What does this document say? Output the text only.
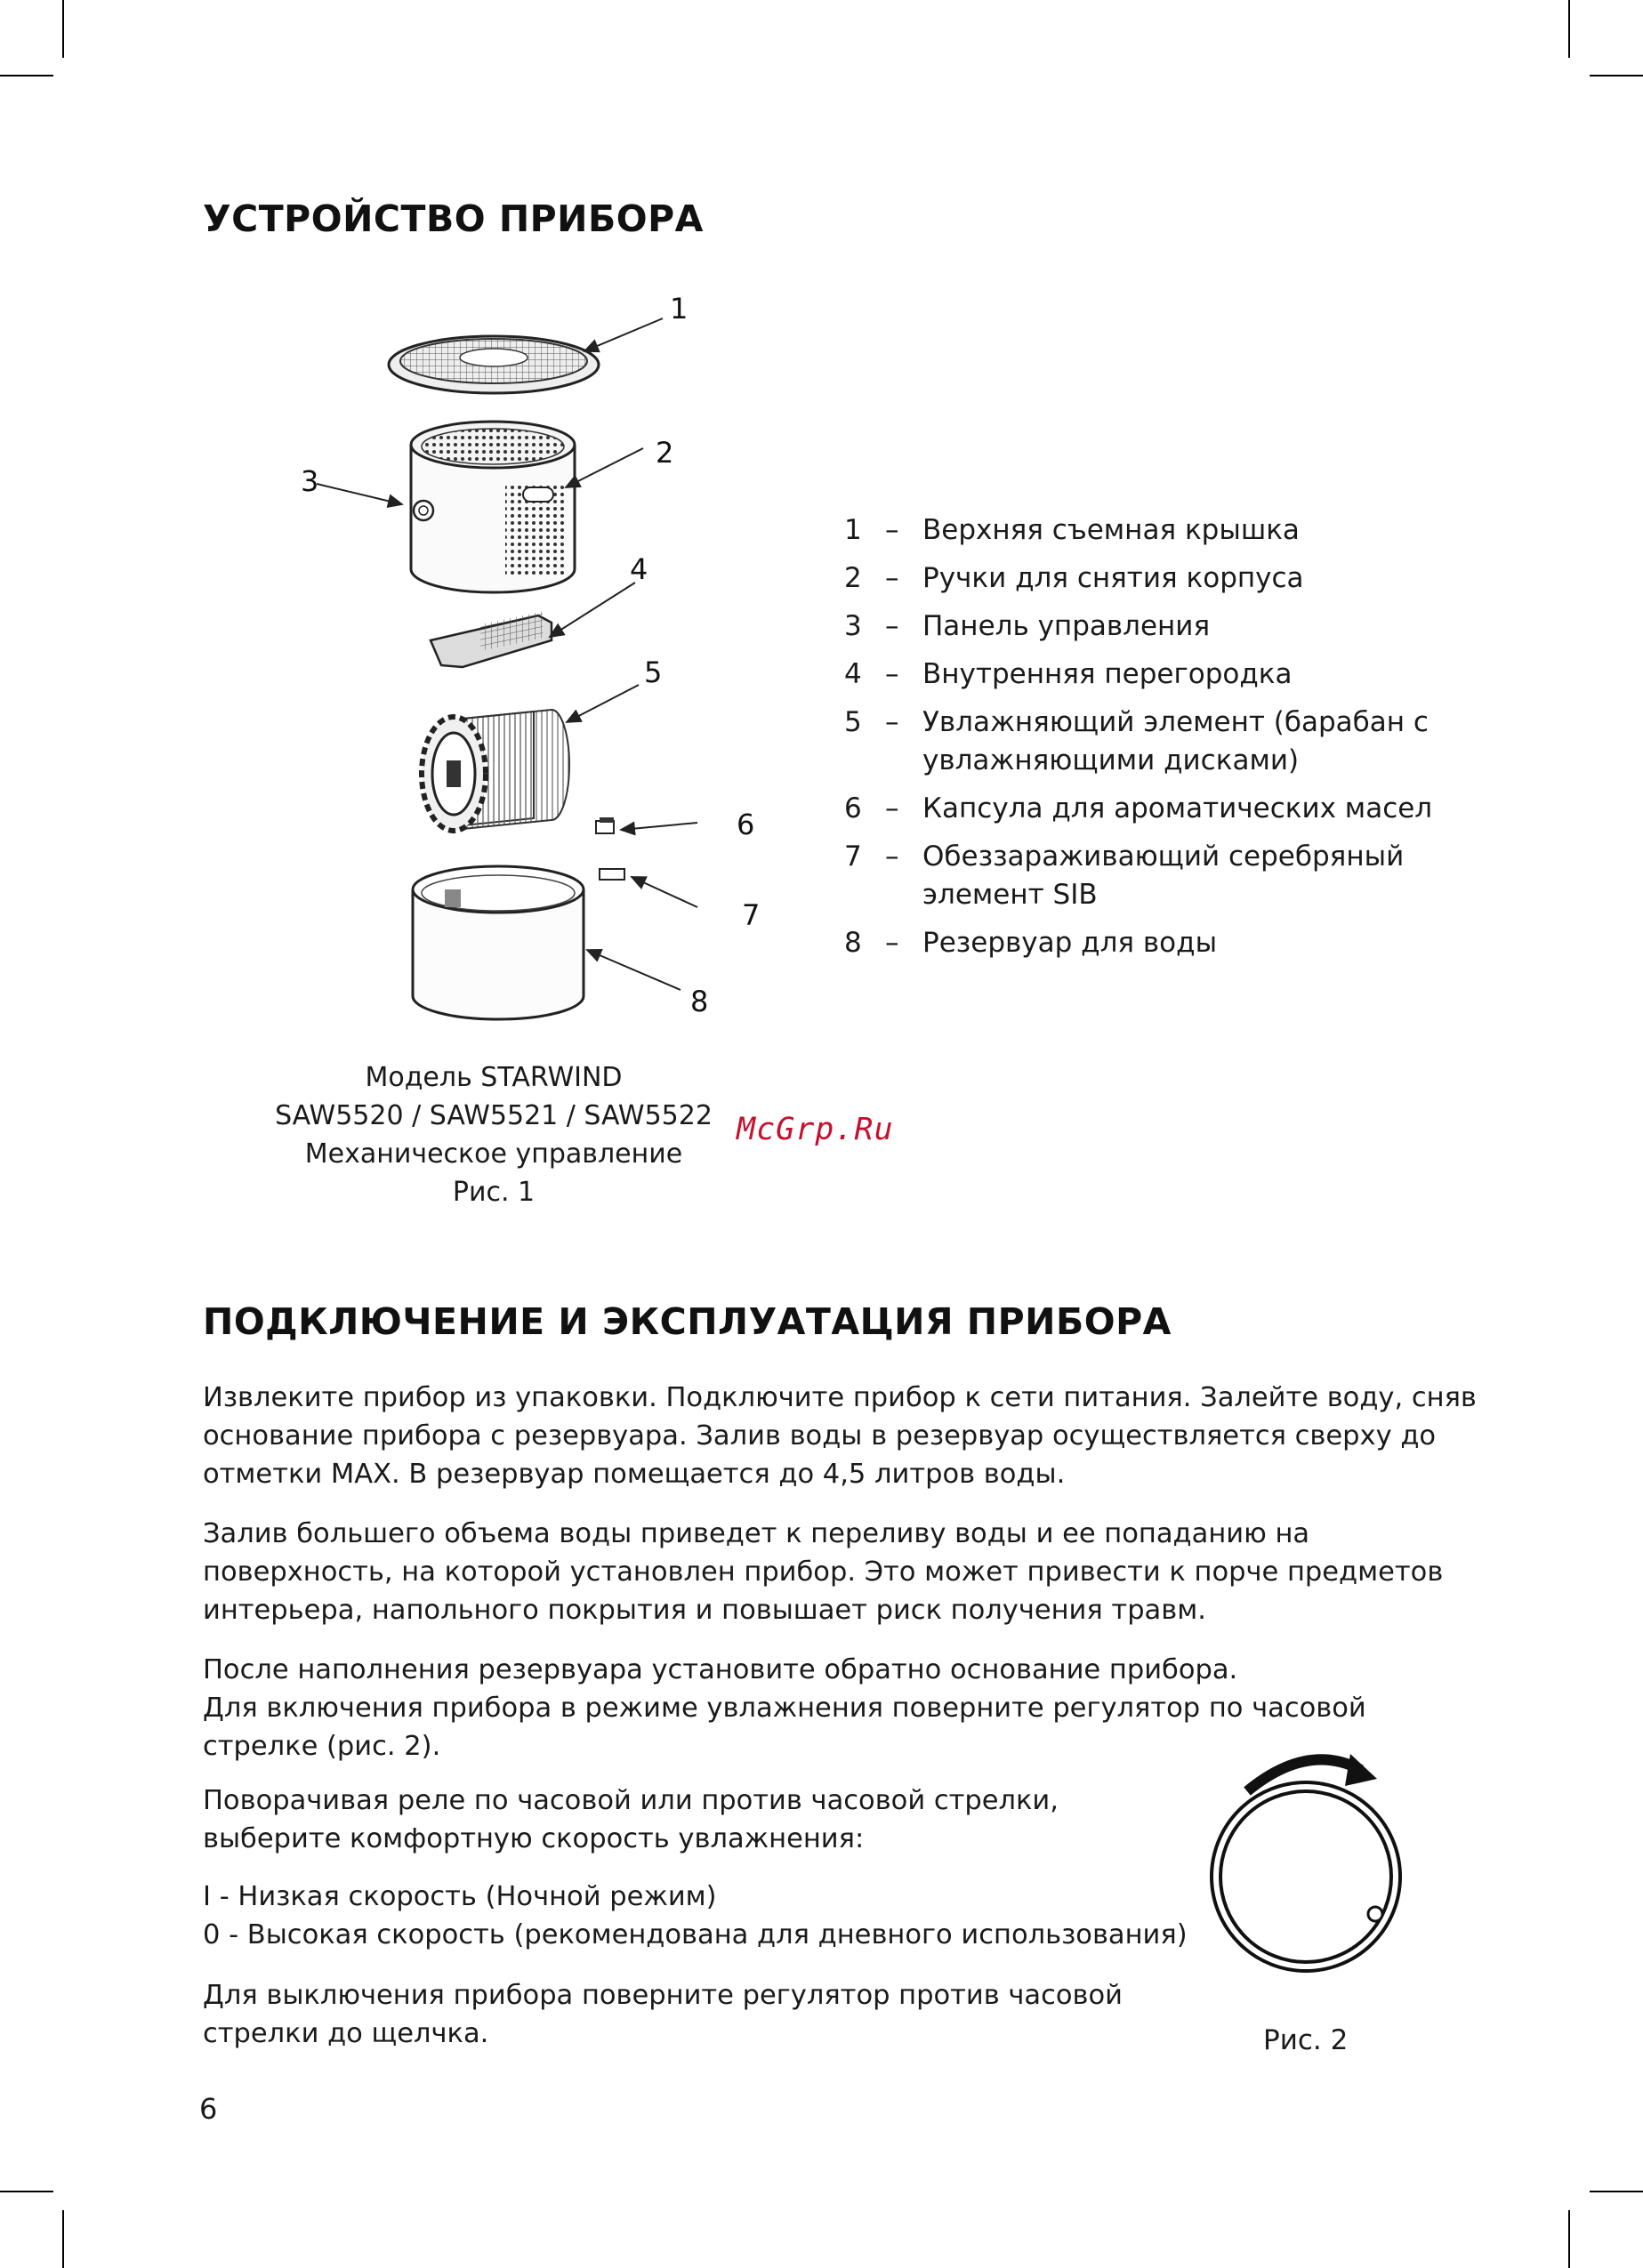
УСТРОЙСТВО ПРИБОРА
1
2
3
4
5
6
7
8
Модель STARWIND
SAW5520 / SAW5521 / SAW5522
Механическое управление
Рис. 1
1 – Верхняя съемная крышка
2 – Ручки для снятия корпуса
3 – Панель управления
4 – Внутренняя перегородка
5 – Увлажняющий элемент (барабан с увлажняющими дисками)
6 – Капсула для ароматических масел
7 – Обеззараживающий серебряный элемент SIB
8 – Резервуар для воды
McGrp.Ru
ПОДКЛЮЧЕНИЕ И ЭКСПЛУАТАЦИЯ ПРИБОРА
Извлеките прибор из упаковки. Подключите прибор к сети питания. Залейте воду, сняв
основание прибора с резервуара. Залив воды в резервуар осуществляется сверху до
отметки MAX. В резервуар помещается до 4,5 литров воды.
Залив большего объема воды приведет к переливу воды и ее попаданию на
поверхность, на которой установлен прибор. Это может привести к порче предметов
интерьера, напольного покрытия и повышает риск получения травм.
После наполнения резервуара установите обратно основание прибора.
Для включения прибора в режиме увлажнения поверните регулятор по часовой
стрелке (рис. 2).
Поворачивая реле по часовой или против часовой стрелки,
выберите комфортную скорость увлажнения:
I - Низкая скорость (Ночной режим)
0 - Высокая скорость (рекомендована для дневного использования)
Для выключения прибора поверните регулятор против часовой
стрелки до щелчка.	Рис. 2
6
